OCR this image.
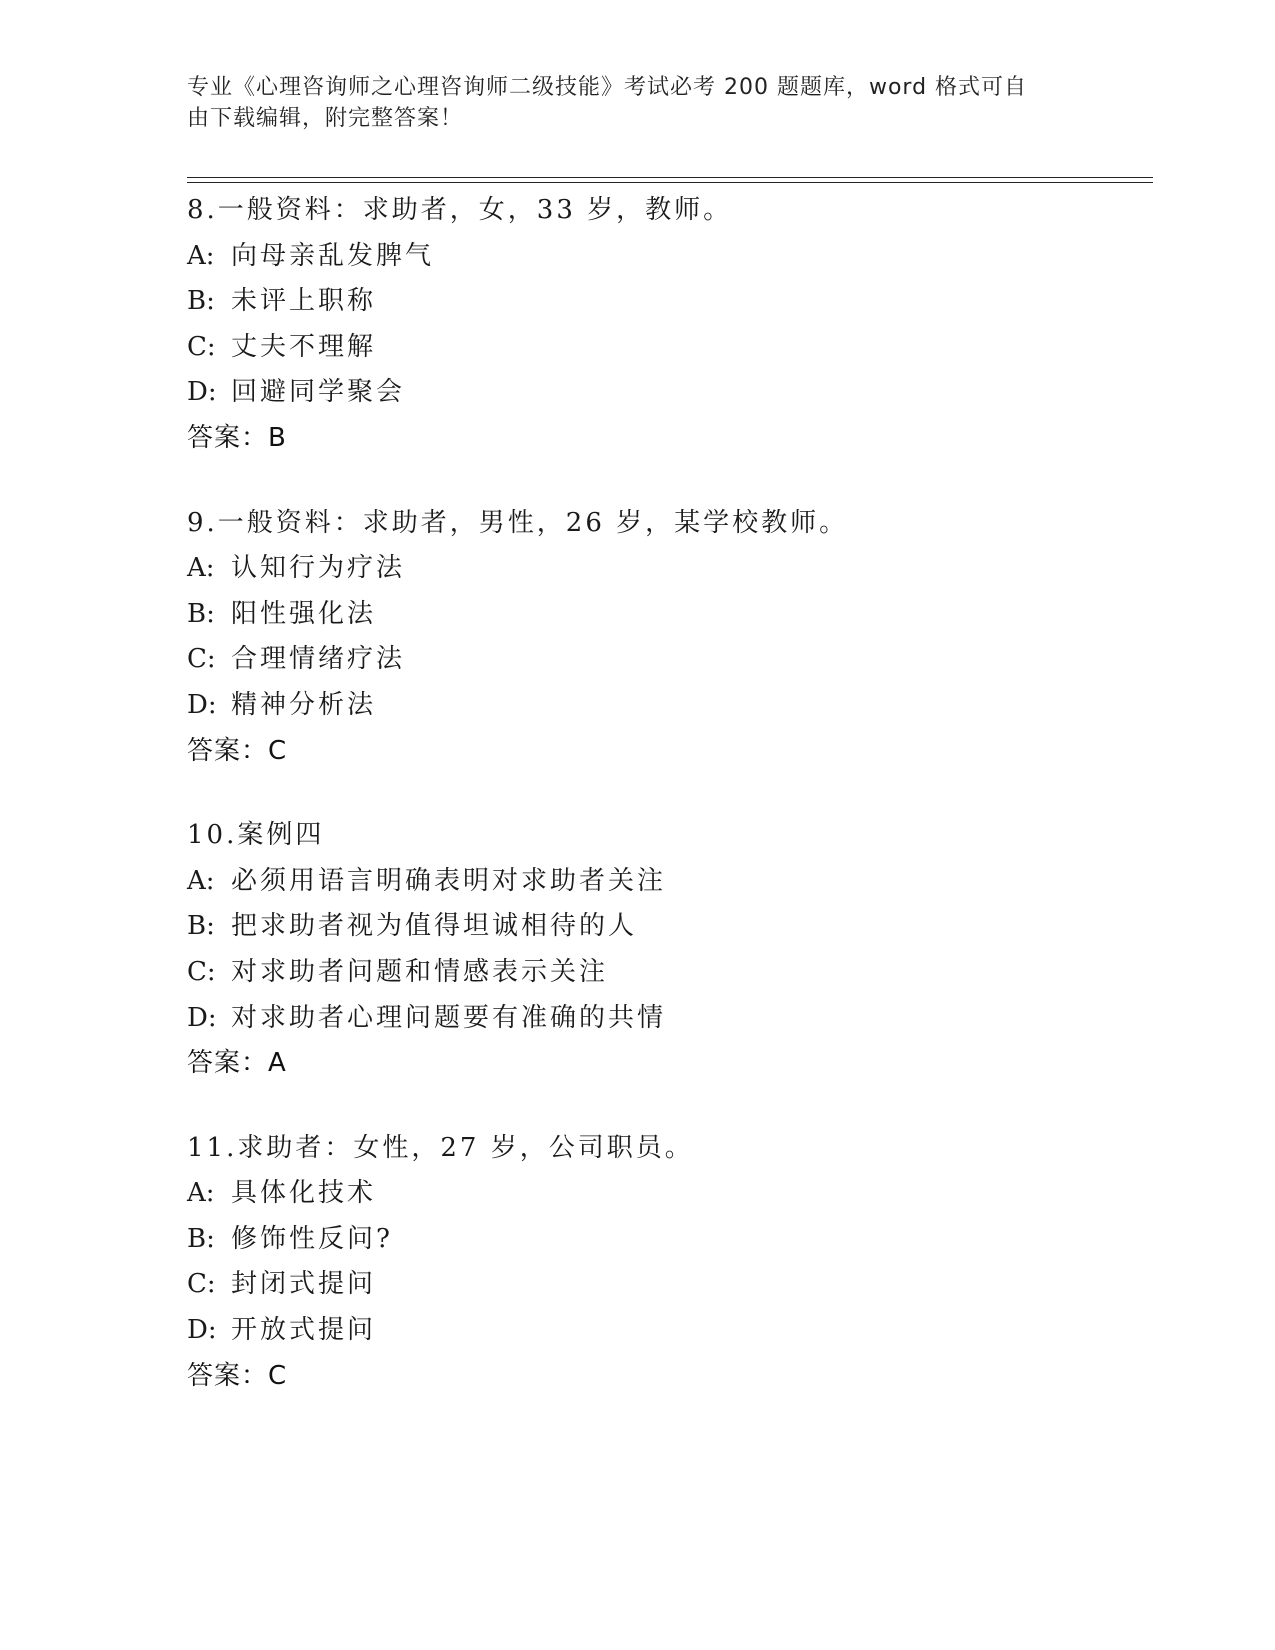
专业《心理咨询师之心理咨询师二级技能》考试必考 200 题题库，word 格式可自
由下载编辑，附完整答案！
8.一般资料：求助者，女，33 岁，教师。
A: 向母亲乱发脾气
B: 未评上职称
C: 丈夫不理解
D: 回避同学聚会
答案：B
9.一般资料：求助者，男性，26 岁，某学校教师。
A: 认知行为疗法
B: 阳性强化法
C: 合理情绪疗法
D: 精神分析法
答案：C
10.案例四
A: 必须用语言明确表明对求助者关注
B: 把求助者视为值得坦诚相待的人
C: 对求助者问题和情感表示关注
D: 对求助者心理问题要有准确的共情
答案：A
11.求助者：女性，27 岁，公司职员。
A: 具体化技术
B: 修饰性反问?
C: 封闭式提问
D: 开放式提问
答案：C
